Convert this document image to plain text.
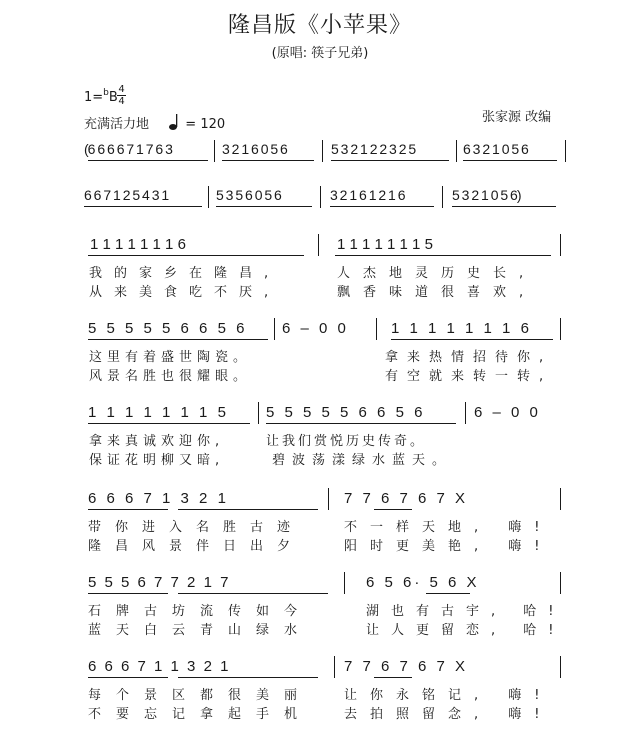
隆昌版《小苹果》
(原唱: 筷子兄弟)
1=$^b$B
4
4
充满活力地	= 120	张家源 改编
(6 6 6 6 7 1 7 6 3	3 2 1 6 0 5 6	5 3 2 1 2 2 3 2 5	6 3 2 1 0 5 6
6 6 7 1 2 5 4 3 1	5 3 5 6 0 5 6	3 2 1 6 1 2 1 6	5 3 2 1 0 5 6)
1 1 1 1 1 1 1 6	1 1 1 1 1 1 1 5
我的家乡在隆昌,	人杰地灵历史长,
从来美食吃不厌,	飘香味道很喜欢,
5 5 5 5 5 6 6 5 6 6 – 0 0	1 1 1 1 1 1 1 6
这里有着盛世陶瓷。	拿来热情招待你,
风景名胜也很耀眼。	有空就来转一转,
1 1 1 1 1 1 1 5 5 5 5 5 5 6 6 5 6	6 – 0 0
拿来真诚欢迎你,	让我们赏悦历史传奇。
保证花明柳又暗,	碧波荡漾绿水蓝天。
6 6 6 7 1 3 2 1	7 7 6 7 6 7 X
带你进入名胜古迹	不一样天地, 嗨!
隆昌风景伴日出夕	阳时更美艳, 嗨!
5 5 5 6 7 7 2 1 7	6 5 6· 5 6 X
石牌古坊流传如今	湖也有古宇, 哈!
蓝天白云青山绿水	让人更留恋, 哈!
6 6 6 7 1 1 3 2 1	7 7 6 7 6 7 X
每个景区都很美丽 让你永铭记, 嗨!
不要忘记拿起手机 去拍照留念, 嗨!
